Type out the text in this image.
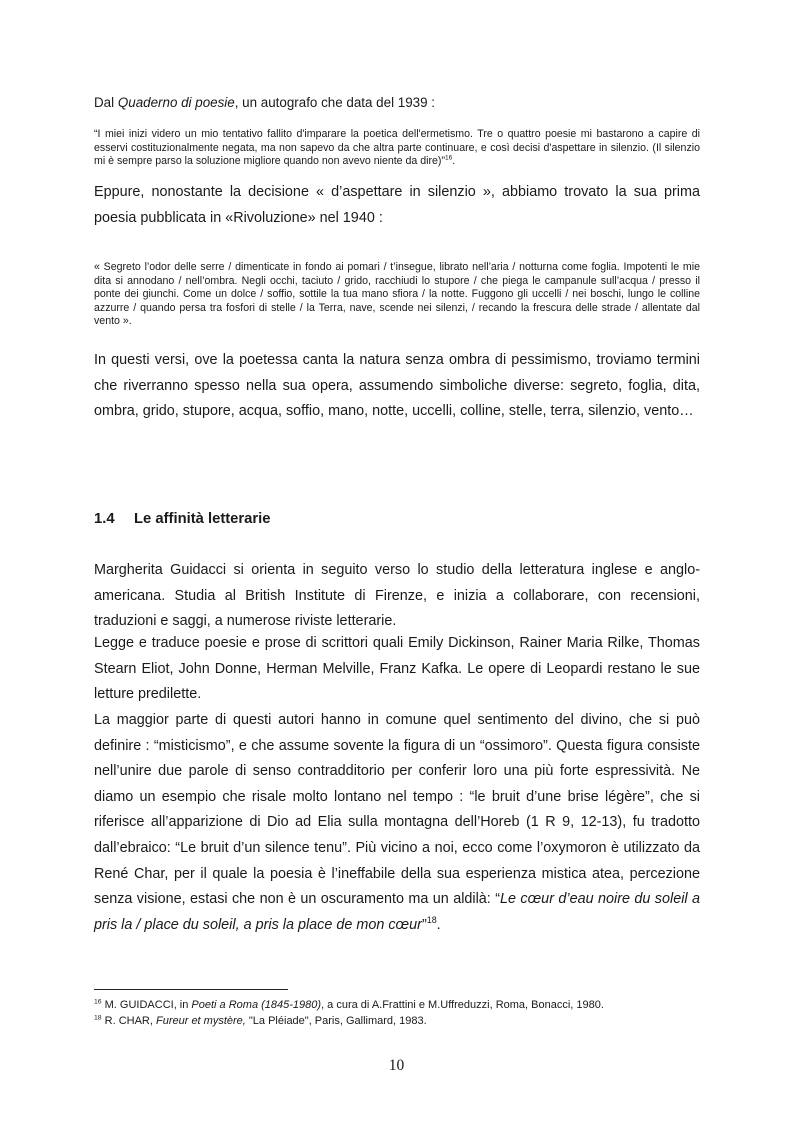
Dal Quaderno di poesie, un autografo che data del 1939 :

“I miei inizi videro un mio tentativo fallito d'imparare la poetica dell'ermetismo. Tre o quattro poesie mi bastarono a capire di esservi costituzionalmente negata, ma non sapevo da che altra parte continuare, e così decisi d'aspettare in silenzio. (Il silenzio mi è sempre parso la soluzione migliore quando non avevo niente da dire)”$^{16}$.

Eppure, nonostante la decisione « d’aspettare in silenzio », abbiamo trovato la sua prima poesia pubblicata in «Rivoluzione» nel 1940 :

« Segreto l’odor delle serre / dimenticate in fondo ai pomari / t’insegue, librato nell’aria / notturna come foglia. Impotenti le mie dita si annodano / nell’ombra. Negli occhi, taciuto / grido, racchiudi lo stupore / che piega le campanule sull’acqua / presso il ponte dei giunchi. Come un dolce / soffio, sottile la tua mano sfiora / la notte. Fuggono gli uccelli / nei boschi, lungo le colline azzurre / quando persa tra fosfori di stelle / la Terra, nave, scende nei silenzi, / recando la frescura delle strade / allentate dal vento ».

In questi versi, ove la poetessa canta la natura senza ombra di pessimismo, troviamo termini che riverranno spesso nella sua opera, assumendo simboliche diverse: segreto, foglia, dita, ombra, grido, stupore, acqua, soffio, mano, notte, uccelli, colline, stelle, terra, silenzio, vento…

1.4 Le affinità letterarie

Margherita Guidacci si orienta in seguito verso lo studio della letteratura inglese e anglo-americana. Studia al British Institute di Firenze, e inizia a collaborare, con recensioni, traduzioni e saggi, a numerose riviste letterarie.

Legge e traduce poesie e prose di scrittori quali Emily Dickinson, Rainer Maria Rilke, Thomas Stearn Eliot, John Donne, Herman Melville, Franz Kafka. Le opere di Leopardi restano le sue letture predilette.

La maggior parte di questi autori hanno in comune quel sentimento del divino, che si può definire : “misticismo”, e che assume sovente la figura di un “ossimoro”. Questa figura consiste nell’unire due parole di senso contradditorio per conferir loro una più forte espressività. Ne diamo un esempio che risale molto lontano nel tempo : “le bruit d’une brise légère”, che si riferisce all’apparizione di Dio ad Elia sulla montagna dell’Horeb (1 R 9, 12-13), fu tradotto dall’ebraico: “Le bruit d’un silence tenu”. Più vicino a noi, ecco come l’oxymoron è utilizzato da René Char, per il quale la poesia è l’ineffabile della sua esperienza mistica atea, percezione senza visione, estasi che non è un oscuramento ma un aldilà: “Le cœur d’eau noire du soleil a pris la / place du soleil, a pris la place de mon cœur”$^{18}$.

$^{16}$ M. GUIDACCI, in Poeti a Roma (1845-1980), a cura di A.Frattini e M.Uffreduzzi, Roma, Bonacci, 1980.
$^{18}$ R. CHAR, Fureur et mystère, "La Pléiade", Paris, Gallimard, 1983.
10
